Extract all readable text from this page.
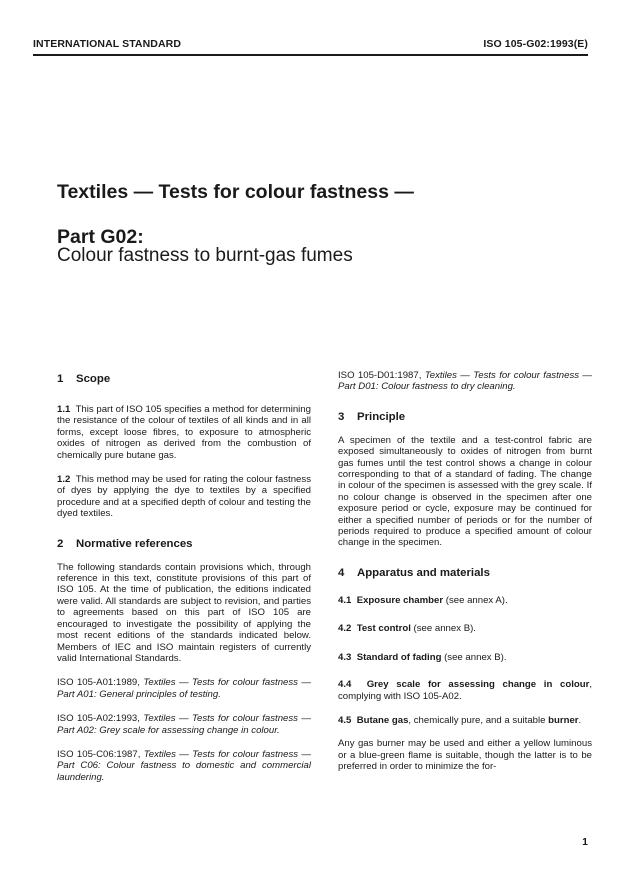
INTERNATIONAL STANDARD	ISO 105-G02:1993(E)
Textiles — Tests for colour fastness —
Part G02:
Colour fastness to burnt-gas fumes
1 Scope

1.1 This part of ISO 105 specifies a method for determining the resistance of the colour of textiles of all kinds and in all forms, except loose fibres, to exposure to atmospheric oxides of nitrogen as derived from the combustion of chemically pure butane gas.

1.2 This method may be used for rating the colour fastness of dyes by applying the dye to textiles by a specified procedure and at a specified depth of colour and testing the dyed textiles.

2 Normative references

The following standards contain provisions which, through reference in this text, constitute provisions of this part of ISO 105. At the time of publication, the editions indicated were valid. All standards are subject to revision, and parties to agreements based on this part of ISO 105 are encouraged to investigate the possibility of applying the most recent editions of the standards indicated below. Members of IEC and ISO maintain registers of currently valid International Standards.

ISO 105-A01:1989, Textiles — Tests for colour fastness — Part A01: General principles of testing.

ISO 105-A02:1993, Textiles — Tests for colour fastness — Part A02: Grey scale for assessing change in colour.

ISO 105-C06:1987, Textiles — Tests for colour fastness — Part C06: Colour fastness to domestic and commercial laundering.

ISO 105-D01:1987, Textiles — Tests for colour fastness — Part D01: Colour fastness to dry cleaning.

3 Principle

A specimen of the textile and a test-control fabric are exposed simultaneously to oxides of nitrogen from burnt gas fumes until the test control shows a change in colour corresponding to that of a standard of fading. The change in colour of the specimen is assessed with the grey scale. If no colour change is observed in the specimen after one exposure period or cycle, exposure may be continued for either a specified number of periods or for the number of periods required to produce a specified amount of colour change in the specimen.

4 Apparatus and materials

4.1 Exposure chamber (see annex A).

4.2 Test control (see annex B).

4.3 Standard of fading (see annex B).

4.4 Grey scale for assessing change in colour, complying with ISO 105-A02.

4.5 Butane gas, chemically pure, and a suitable burner.

Any gas burner may be used and either a yellow luminous or a blue-green flame is suitable, though the latter is to be preferred in order to minimize the for-

1
